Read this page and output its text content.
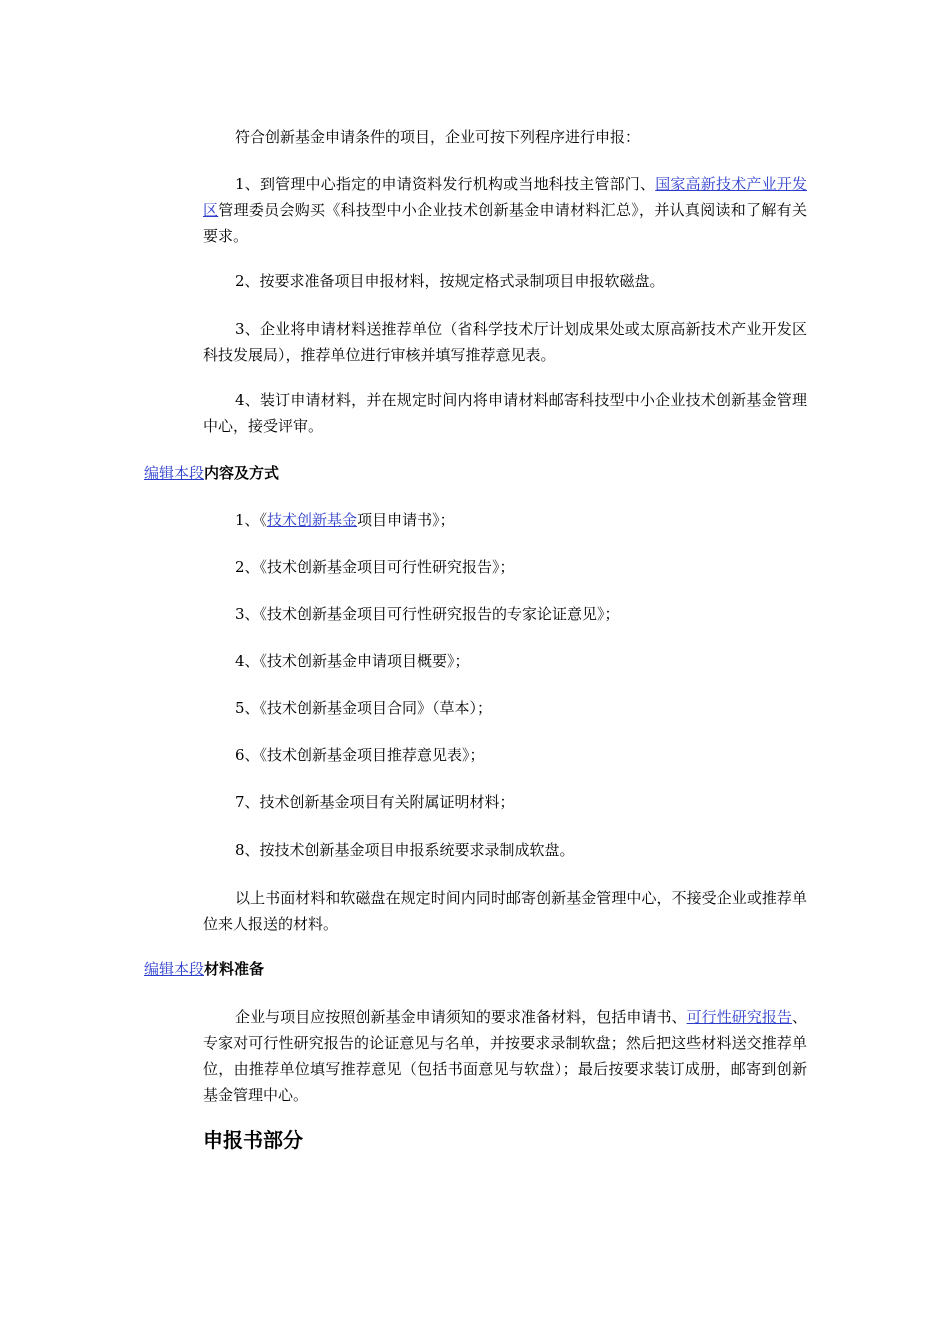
符合创新基金申请条件的项目，企业可按下列程序进行申报：

1、到管理中心指定的申请资料发行机构或当地科技主管部门、国家高新技术产业开发区管理委员会购买《科技型中小企业技术创新基金申请材料汇总》，并认真阅读和了解有关要求。

2、按要求准备项目申报材料，按规定格式录制项目申报软磁盘。

3、企业将申请材料送推荐单位（省科学技术厅计划成果处或太原高新技术产业开发区科技发展局），推荐单位进行审核并填写推荐意见表。

4、装订申请材料，并在规定时间内将申请材料邮寄科技型中小企业技术创新基金管理中心，接受评审。

编辑本段内容及方式

1、《技术创新基金项目申请书》；

2、《技术创新基金项目可行性研究报告》；

3、《技术创新基金项目可行性研究报告的专家论证意见》；

4、《技术创新基金申请项目概要》；

5、《技术创新基金项目合同》（草本）；

6、《技术创新基金项目推荐意见表》；

7、技术创新基金项目有关附属证明材料；

8、按技术创新基金项目申报系统要求录制成软盘。

以上书面材料和软磁盘在规定时间内同时邮寄创新基金管理中心，不接受企业或推荐单位来人报送的材料。

编辑本段材料准备

企业与项目应按照创新基金申请须知的要求准备材料，包括申请书、可行性研究报告、专家对可行性研究报告的论证意见与名单，并按要求录制软盘；然后把这些材料送交推荐单位，由推荐单位填写推荐意见（包括书面意见与软盘）；最后按要求装订成册，邮寄到创新基金管理中心。

申报书部分
